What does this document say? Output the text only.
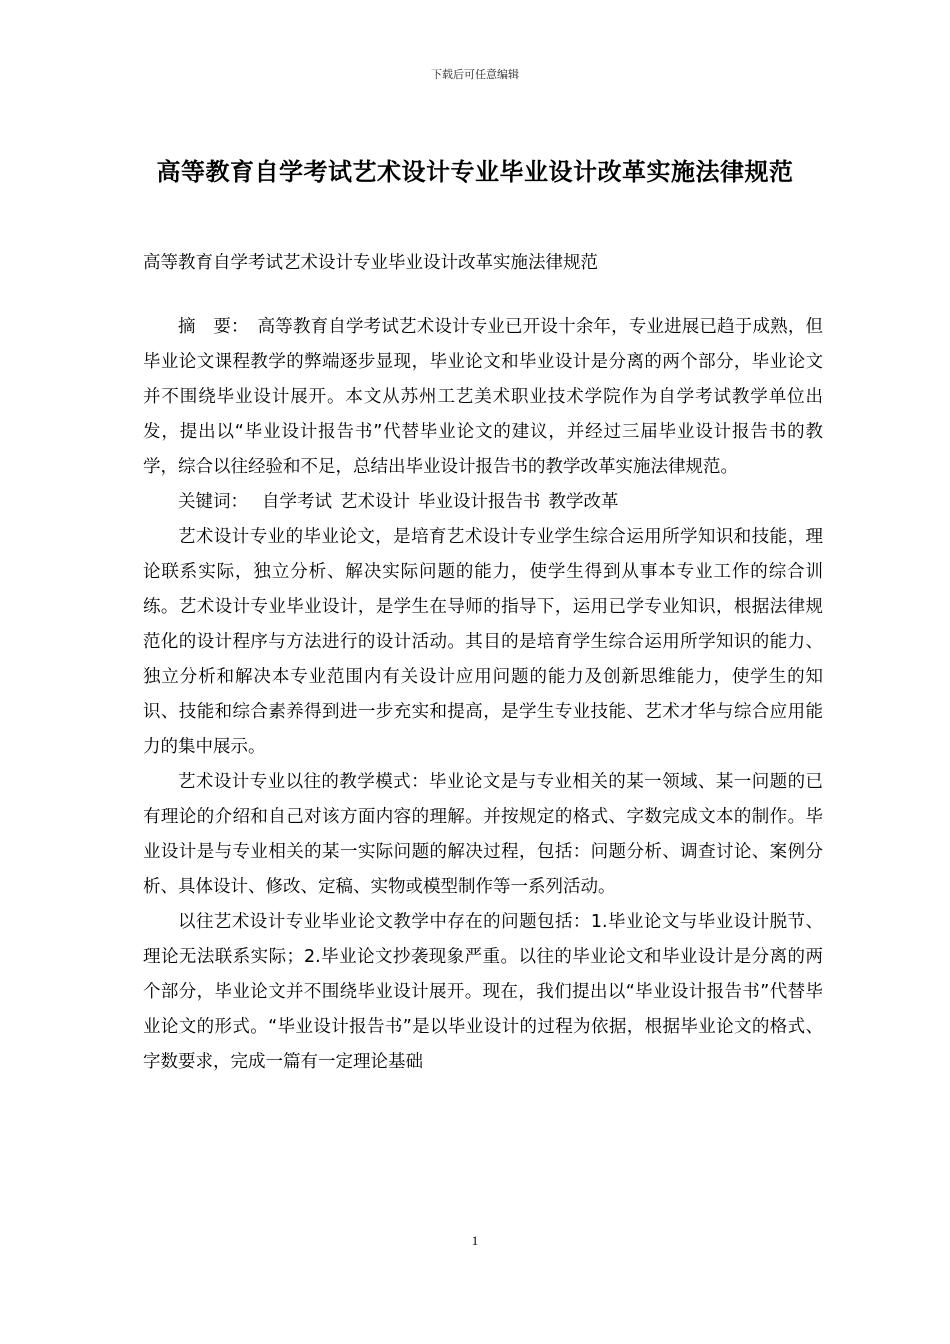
下载后可任意编辑
高等教育自学考试艺术设计专业毕业设计改革实施法律规范

高等教育自学考试艺术设计专业毕业设计改革实施法律规范

摘　要：　高等教育自学考试艺术设计专业已开设十余年，专业进展已趋于成熟，但毕业论文课程教学的弊端逐步显现，毕业论文和毕业设计是分离的两个部分，毕业论文并不围绕毕业设计展开。本文从苏州工艺美术职业技术学院作为自学考试教学单位出发，提出以“毕业设计报告书”代替毕业论文的建议，并经过三届毕业设计报告书的教学，综合以往经验和不足，总结出毕业设计报告书的教学改革实施法律规范。

关键词： 自学考试 艺术设计 毕业设计报告书 教学改革

艺术设计专业的毕业论文，是培育艺术设计专业学生综合运用所学知识和技能，理论联系实际，独立分析、解决实际问题的能力，使学生得到从事本专业工作的综合训练。艺术设计专业毕业设计，是学生在导师的指导下，运用已学专业知识，根据法律规范化的设计程序与方法进行的设计活动。其目的是培育学生综合运用所学知识的能力、独立分析和解决本专业范围内有关设计应用问题的能力及创新思维能力，使学生的知识、技能和综合素养得到进一步充实和提高，是学生专业技能、艺术才华与综合应用能力的集中展示。

艺术设计专业以往的教学模式：毕业论文是与专业相关的某一领域、某一问题的已有理论的介绍和自己对该方面内容的理解。并按规定的格式、字数完成文本的制作。毕业设计是与专业相关的某一实际问题的解决过程，包括：问题分析、调查讨论、案例分析、具体设计、修改、定稿、实物或模型制作等一系列活动。

以往艺术设计专业毕业论文教学中存在的问题包括：1.毕业论文与毕业设计脱节、理论无法联系实际；2.毕业论文抄袭现象严重。以往的毕业论文和毕业设计是分离的两个部分，毕业论文并不围绕毕业设计展开。现在，我们提出以“毕业设计报告书”代替毕业论文的形式。“毕业设计报告书”是以毕业设计的过程为依据，根据毕业论文的格式、字数要求，完成一篇有一定理论基础

1
